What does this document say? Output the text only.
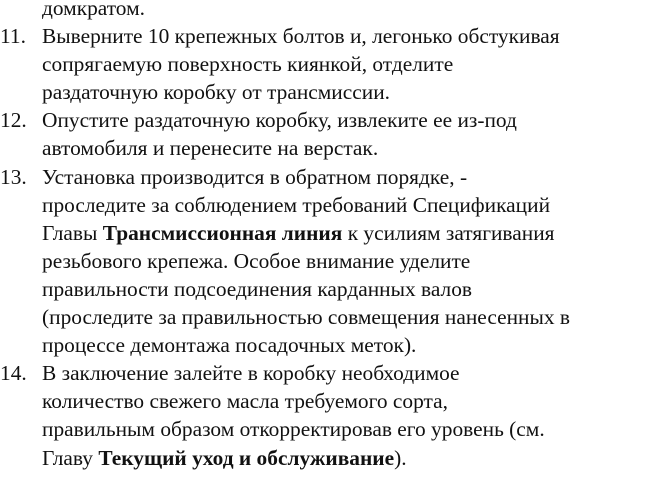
домкратом.
11. Выверните 10 крепежных болтов и, легонько обстукивая
сопрягаемую поверхность киянкой, отделите
раздаточную коробку от трансмиссии.
12. Опустите раздаточную коробку, извлеките ее из-под
автомобиля и перенесите на верстак.
13. Установка производится в обратном порядке, -
проследите за соблюдением требований Спецификаций
Главы Трансмиссионная линия к усилиям затягивания
резьбового крепежа. Особое внимание уделите
правильности подсоединения карданных валов
(проследите за правильностью совмещения нанесенных в
процессе демонтажа посадочных меток).
14. В заключение залейте в коробку необходимое
количество свежего масла требуемого сорта,
правильным образом откорректировав его уровень (см.
Главу Текущий уход и обслуживание).
